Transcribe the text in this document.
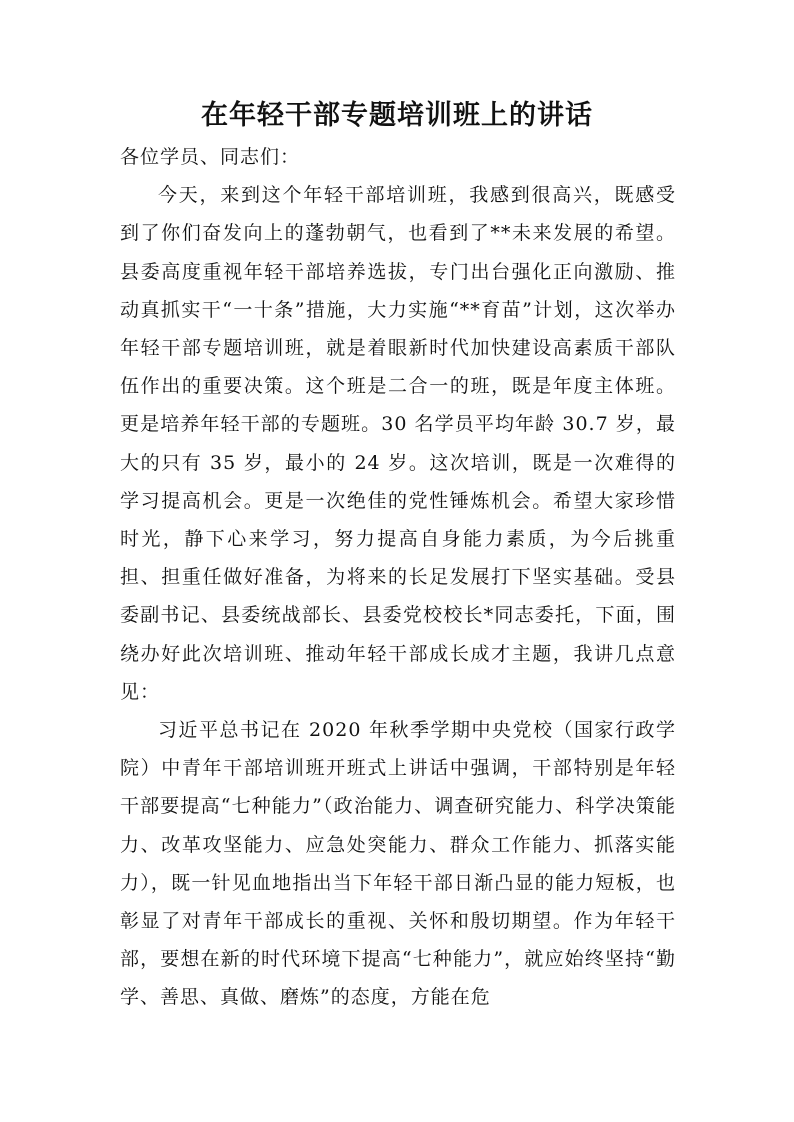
在年轻干部专题培训班上的讲话

各位学员、同志们：

今天，来到这个年轻干部培训班，我感到很高兴，既感受到了你们奋发向上的蓬勃朝气，也看到了**未来发展的希望。县委高度重视年轻干部培养选拔，专门出台强化正向激励、推动真抓实干“一十条”措施，大力实施“**育苗”计划，这次举办年轻干部专题培训班，就是着眼新时代加快建设高素质干部队伍作出的重要决策。这个班是二合一的班，既是年度主体班。更是培养年轻干部的专题班。30 名学员平均年龄 30.7 岁，最大的只有 35 岁，最小的 24 岁。这次培训，既是一次难得的学习提高机会。更是一次绝佳的党性锤炼机会。希望大家珍惜时光，静下心来学习，努力提高自身能力素质，为今后挑重担、担重任做好准备，为将来的长足发展打下坚实基础。受县委副书记、县委统战部长、县委党校校长*同志委托，下面，围绕办好此次培训班、推动年轻干部成长成才主题，我讲几点意见：

习近平总书记在 2020 年秋季学期中央党校（国家行政学院）中青年干部培训班开班式上讲话中强调，干部特别是年轻干部要提高“七种能力”（政治能力、调查研究能力、科学决策能力、改革攻坚能力、应急处突能力、群众工作能力、抓落实能力），既一针见血地指出当下年轻干部日渐凸显的能力短板，也彰显了对青年干部成长的重视、关怀和殷切期望。作为年轻干部，要想在新的时代环境下提高“七种能力”，就应始终坚持“勤学、善思、真做、磨炼”的态度，方能在危
